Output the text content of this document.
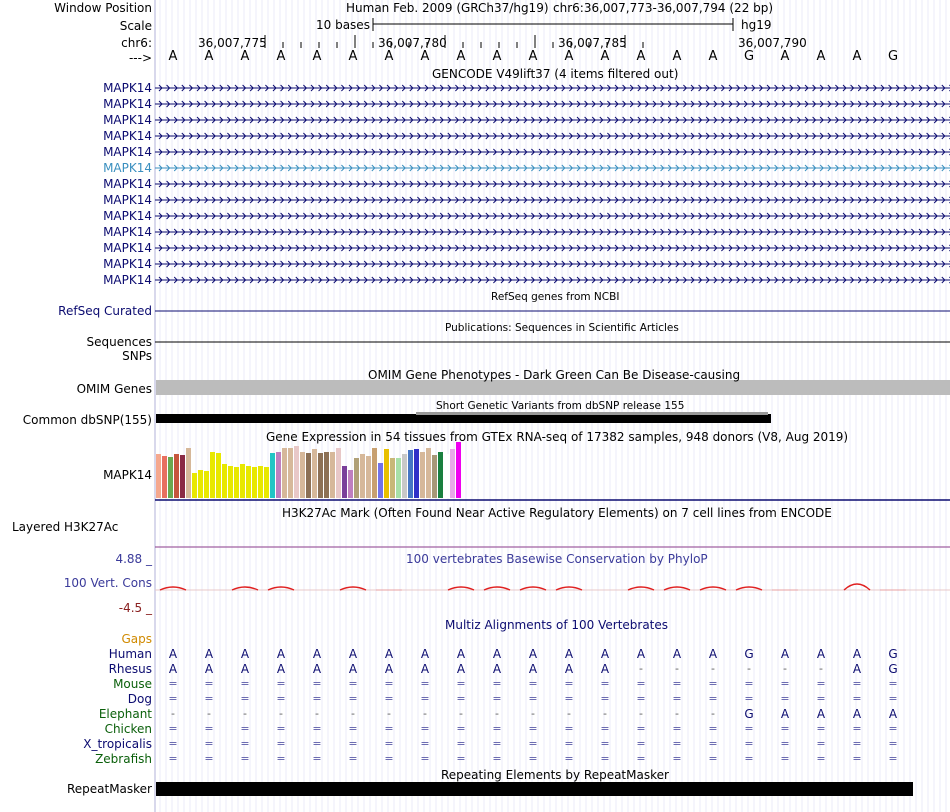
Window Position	Human Feb. 2009 (GRCh37/hg19) chr6:36,007,773-36,007,794 (22 bp)
Scale	10 bases	hg19
chr6:	36,007,775	36,007,780	36,007,785	36,007,790
--->
GENCODE V49lift37 (4 items filtered out)
MAPK14
MAPK14
MAPK14
MAPK14
MAPK14
MAPK14
MAPK14
MAPK14
MAPK14
MAPK14
MAPK14
MAPK14
MAPK14
RefSeq genes from NCBI
RefSeq Curated
Publications: Sequences in Scientific Articles
Sequences
SNPs
OMIM Gene Phenotypes - Dark Green Can Be Disease-causing
OMIM Genes
Short Genetic Variants from dbSNP release 155
Common dbSNP(155)
Gene Expression in 54 tissues from GTEx RNA-seq of 17382 samples, 948 donors (V8, Aug 2019)
MAPK14
H3K27Ac Mark (Often Found Near Active Regulatory Elements) on 7 cell lines from ENCODE
Layered H3K27Ac
100 vertebrates Basewise Conservation by PhyloP
4.88 _
100 Vert. Cons
-4.5 _
Multiz Alignments of 100 Vertebrates
Gaps
Human A A A A A A A A A A A A A A A A G A A A G
Rhesus A A A A A A A A A A A A A	-	-	-	-	-	- A G
Mouse = = = = = = = = = = = = = = = = = = = = =
Dog = = = = = = = = = = = = = = = = = = = = =
Elephant -	-	-	-	-	-	-	-	-	-	-	-	-	-	-	- G A A A A
Chicken = = = = = = = = = = = = = = = = = = = = =
X_tropicalis = = = = = = = = = = = = = = = = = = = = =
Zebrafish = = = = = = = = = = = = = = = = = = = = =
Repeating Elements by RepeatMasker
RepeatMasker
A A A A A A A A A A A A A A A A G A A A G
